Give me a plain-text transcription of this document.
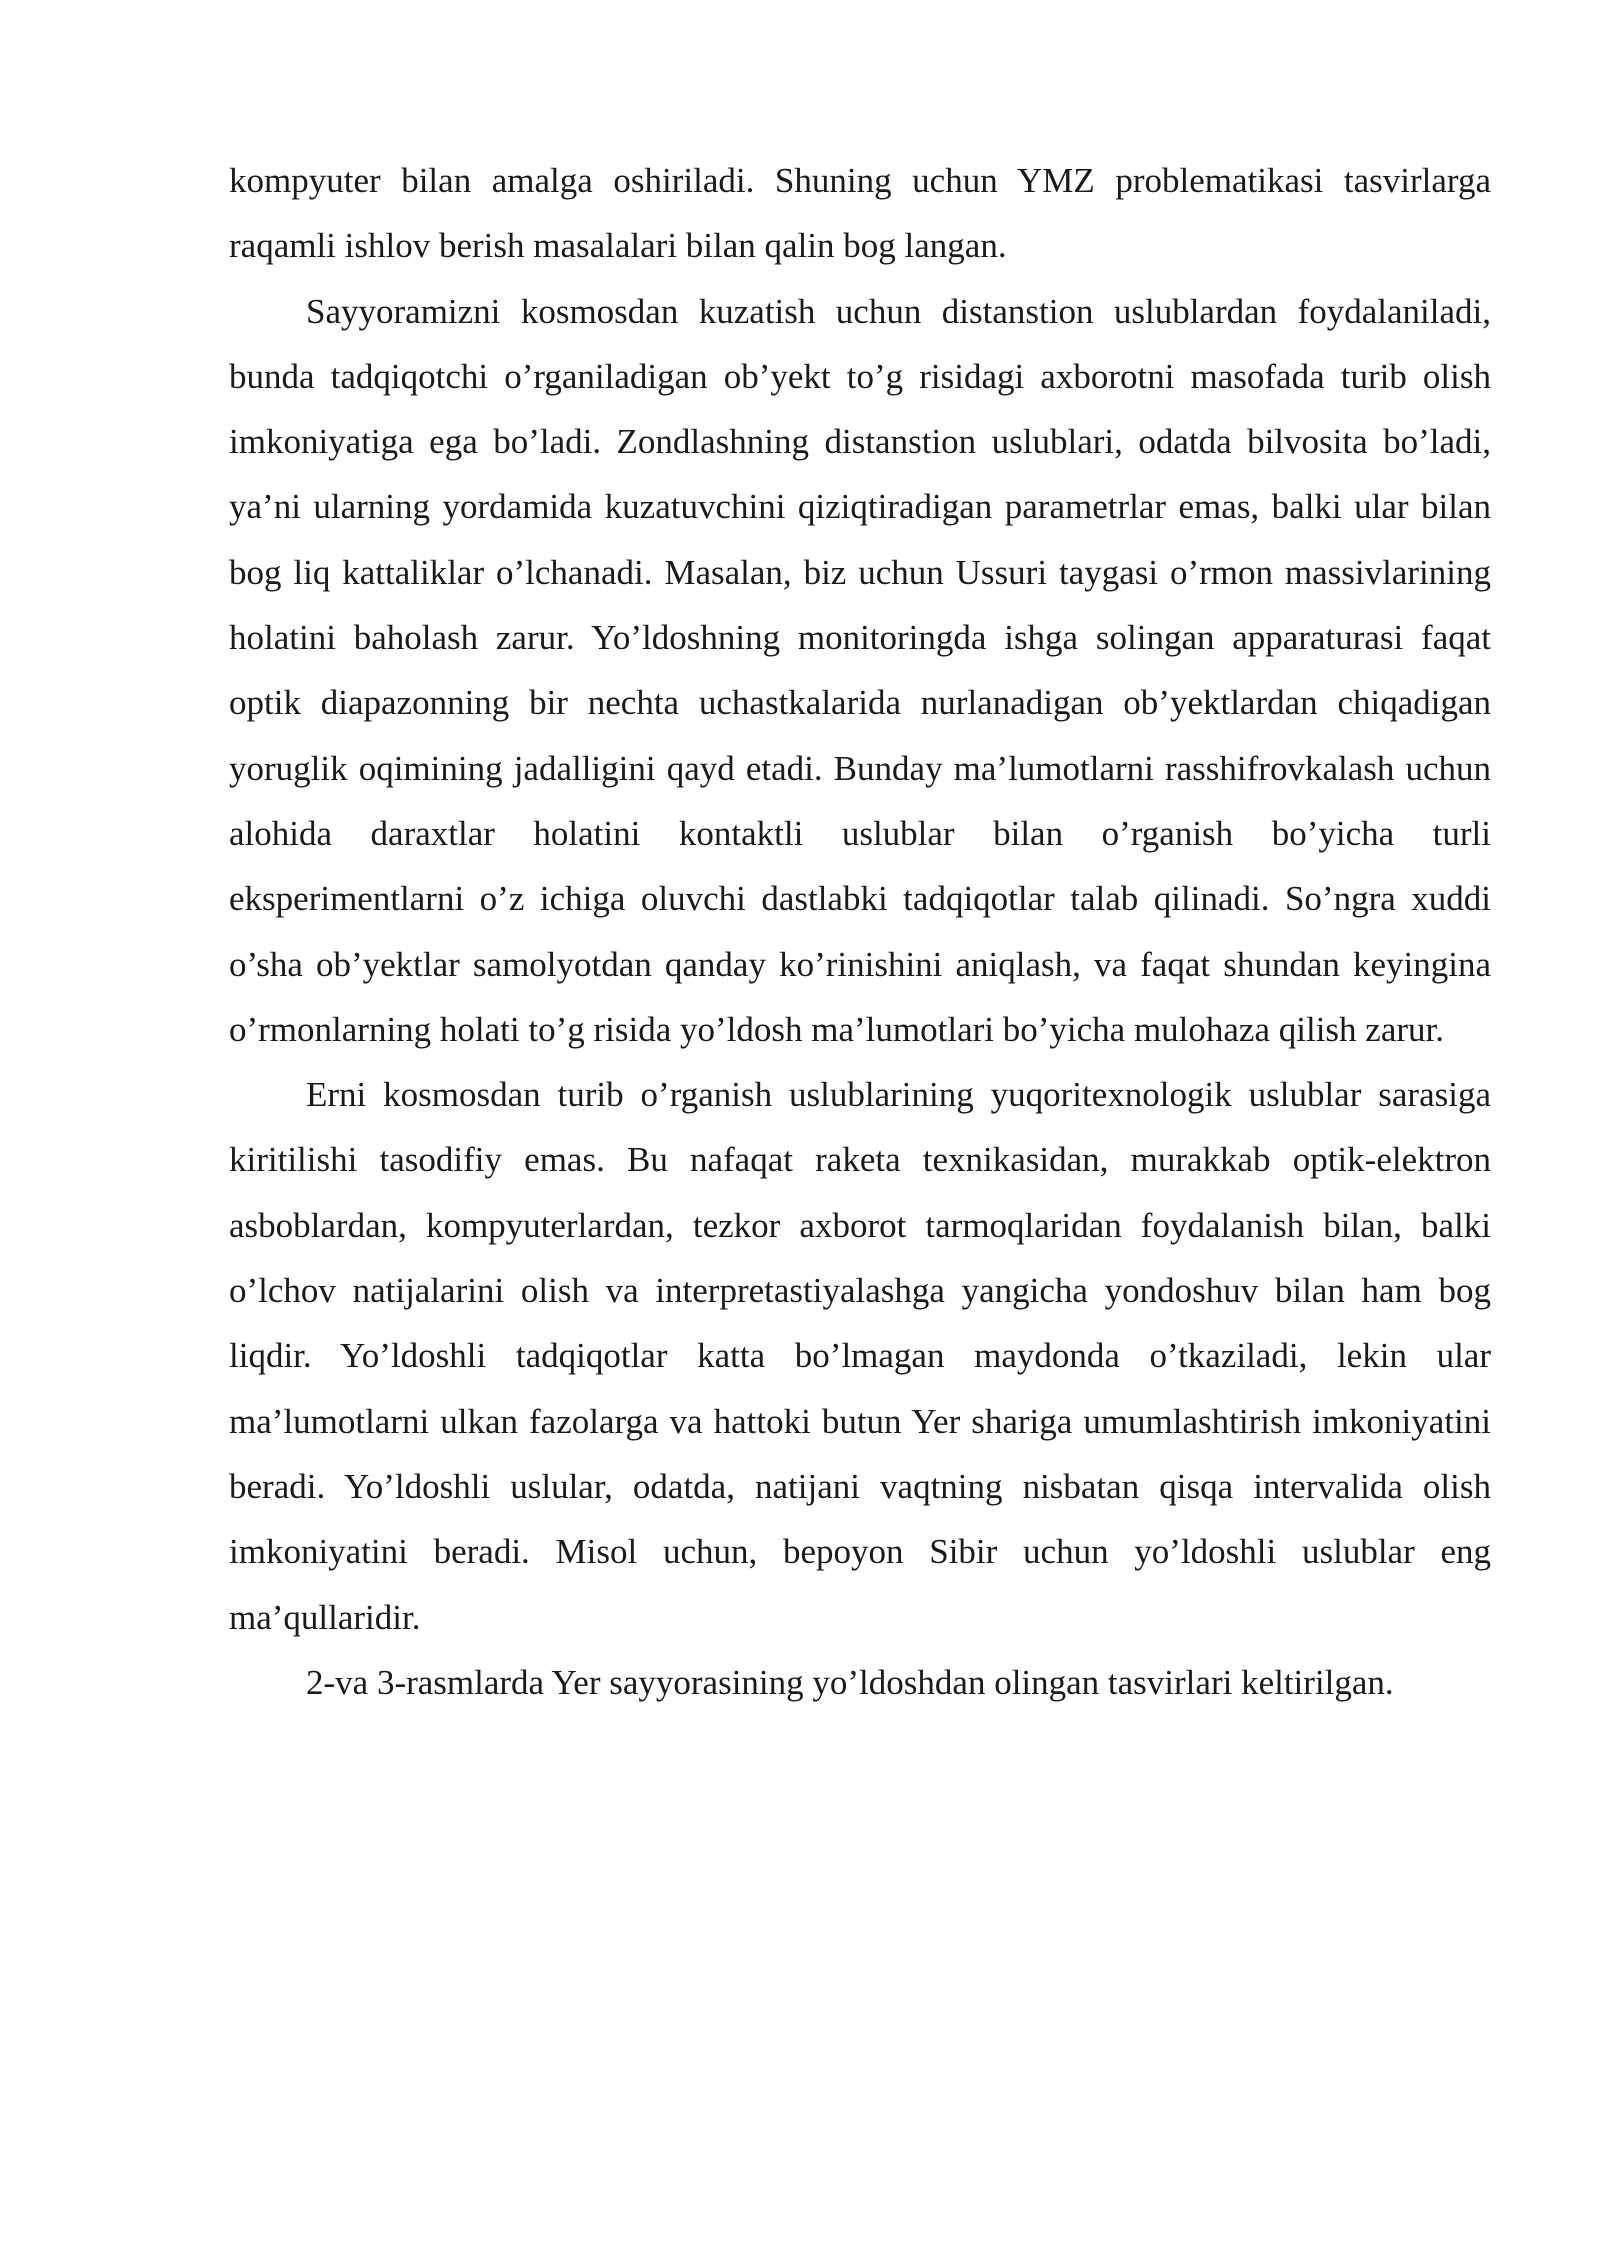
kompyuter bilan amalga oshiriladi. Shuning uchun YMZ problematikasi tasvirlarga raqamli ishlov berish masalalari bilan qalin bog langan.

Sayyoramizni kosmosdan kuzatish uchun distanstion uslublardan foydalaniladi, bunda tadqiqotchi o’rganiladigan ob’yekt to’g risidagi axborotni masofada turib olish imkoniyatiga ega bo’ladi. Zondlashning distanstion uslublari, odatda bilvosita bo’ladi, ya’ni ularning yordamida kuzatuvchini qiziqtiradigan parametrlar emas, balki ular bilan bog liq kattaliklar o’lchanadi. Masalan, biz uchun Ussuri taygasi o’rmon massivlarining holatini baholash zarur. Yo’ldoshning monitoringda ishga solingan apparaturasi faqat optik diapazonning bir nechta uchastkalarida nurlanadigan ob’yektlardan chiqadigan yoruglik oqimining jadalligini qayd etadi. Bunday ma’lumotlarni rasshifrovkalash uchun alohida daraxtlar holatini kontaktli uslublar bilan o’rganish bo’yicha turli eksperimentlarni o’z ichiga oluvchi dastlabki tadqiqotlar talab qilinadi. So’ngra xuddi o’sha ob’yektlar samolyotdan qanday ko’rinishini aniqlash, va faqat shundan keyingina o’rmonlarning holati to’g risida yo’ldosh ma’lumotlari bo’yicha mulohaza qilish zarur.

Erni kosmosdan turib o’rganish uslublarining yuqoritexnologik uslublar sarasiga kiritilishi tasodifiy emas. Bu nafaqat raketa texnikasidan, murakkab optik-elektron asboblardan, kompyuterlardan, tezkor axborot tarmoqlaridan foydalanish bilan, balki o’lchov natijalarini olish va interpretastiyalashga yangicha yondoshuv bilan ham bog liqdir. Yo’ldoshli tadqiqotlar katta bo’lmagan maydonda o’tkaziladi, lekin ular ma’lumotlarni ulkan fazolarga va hattoki butun Yer shariga umumlashtirish imkoniyatini beradi. Yo’ldoshli uslular, odatda, natijani vaqtning nisbatan qisqa intervalida olish imkoniyatini beradi. Misol uchun, bepoyon Sibir uchun yo’ldoshli uslublar eng ma’qullaridir.

2-va 3-rasmlarda Yer sayyorasining yo’ldoshdan olingan tasvirlari keltirilgan.
